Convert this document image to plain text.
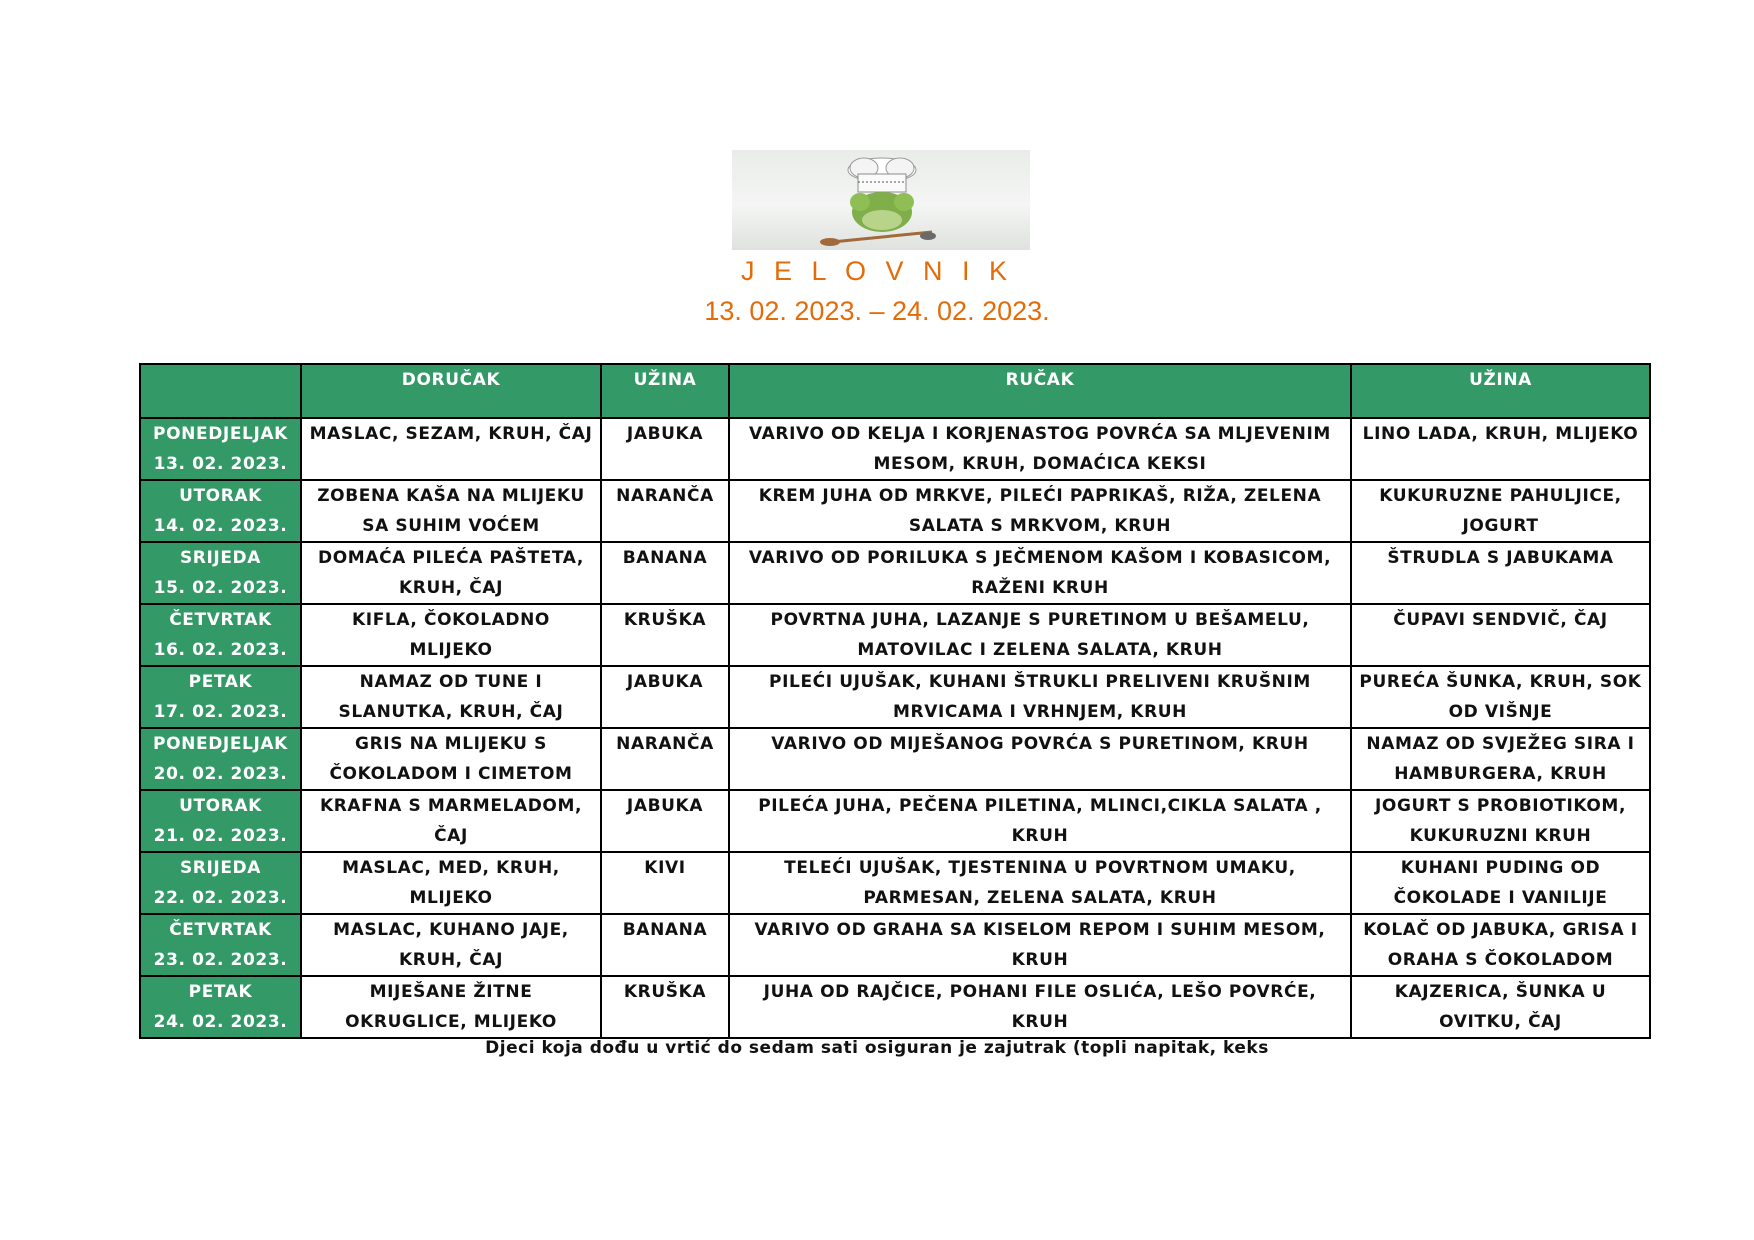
J E L O V N I K
13. 02. 2023. – 24. 02. 2023.
	DORUČAK	UŽINA	RUČAK	UŽINA

PONEDJELJAK
13. 02. 2023.	MASLAC, SEZAM, KRUH, ČAJ	JABUKA	VARIVO OD KELJA I KORJENASTOG POVRĆA SA MLJEVENIM MESOM, KRUH, DOMAĆICA KEKSI	LINO LADA, KRUH, MLIJEKO

UTORAK
14. 02. 2023.	ZOBENA KAŠA NA MLIJEKU SA SUHIM VOĆEM	NARANČA	KREM JUHA OD MRKVE, PILEĆI PAPRIKAŠ, RIŽA, ZELENA SALATA S MRKVOM, KRUH	KUKURUZNE PAHULJICE, JOGURT

SRIJEDA
15. 02. 2023.	DOMAĆA PILEĆA PAŠTETA, KRUH, ČAJ	BANANA	VARIVO OD PORILUKA S JEČMENOM KAŠOM I KOBASICOM, RAŽENI KRUH	ŠTRUDLA S JABUKAMA

ČETVRTAK
16. 02. 2023.	KIFLA, ČOKOLADNO MLIJEKO	KRUŠKA	POVRTNA JUHA, LAZANJE S PURETINOM U BEŠAMELU, MATOVILAC I ZELENA SALATA, KRUH	ČUPAVI SENDVIČ, ČAJ

PETAK
17. 02. 2023.	NAMAZ OD TUNE I SLANUTKA, KRUH, ČAJ	JABUKA	PILEĆI UJUŠAK, KUHANI ŠTRUKLI PRELIVENI KRUŠNIM MRVICAMA I VRHNJEM, KRUH	PUREĆA ŠUNKA, KRUH, SOK OD VIŠNJE

PONEDJELJAK
20. 02. 2023.	GRIS NA MLIJEKU S ČOKOLADOM I CIMETOM	NARANČA	VARIVO OD MIJEŠANOG POVRĆA S PURETINOM, KRUH	NAMAZ OD SVJEŽEG SIRA I HAMBURGERA, KRUH

UTORAK
21. 02. 2023.	KRAFNA S MARMELADOM, ČAJ	JABUKA	PILEĆA JUHA, PEČENA PILETINA, MLINCI,CIKLA SALATA , KRUH	JOGURT S PROBIOTIKOM, KUKURUZNI KRUH

SRIJEDA
22. 02. 2023.	MASLAC, MED, KRUH, MLIJEKO	KIVI	TELEĆI UJUŠAK, TJESTENINA U POVRTNOM UMAKU, PARMESAN, ZELENA SALATA, KRUH	KUHANI PUDING OD ČOKOLADE I VANILIJE

ČETVRTAK
23. 02. 2023.	MASLAC, KUHANO JAJE, KRUH, ČAJ	BANANA	VARIVO OD GRAHA SA KISELOM REPOM I SUHIM MESOM, KRUH	KOLAČ OD JABUKA, GRISA I ORAHA S ČOKOLADOM

PETAK
24. 02. 2023.	MIJEŠANE ŽITNE OKRUGLICE, MLIJEKO	KRUŠKA	JUHA OD RAJČICE, POHANI FILE OSLIĆA, LEŠO POVRĆE, KRUH	KAJZERICA, ŠUNKA U OVITKU, ČAJ
Djeci koja dođu u vrtić do sedam sati osiguran je zajutrak (topli napitak, keks
